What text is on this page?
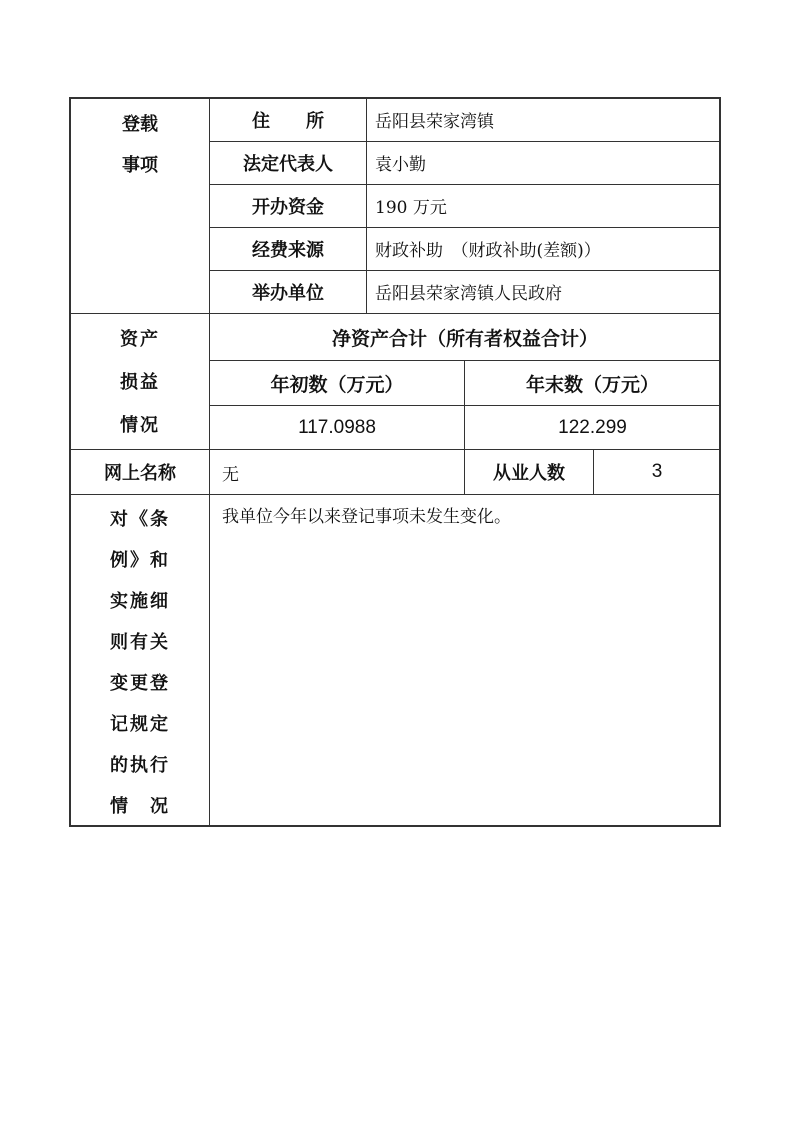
登载
事项
住　　所	岳阳县荣家湾镇
法定代表人	袁小勤
开办资金	190 万元
经费来源	财政补助　（财政补助(差额)）
举办单位	岳阳县荣家湾镇人民政府
资产
损益
情况
净资产合计（所有者权益合计）
年初数（万元）	年末数（万元）
117.0988	122.299
网上名称	无	从业人数	3
对《条
例》和
实施细
则有关
变更登
记规定
的执行
情　况
我单位今年以来登记事项未发生变化。
